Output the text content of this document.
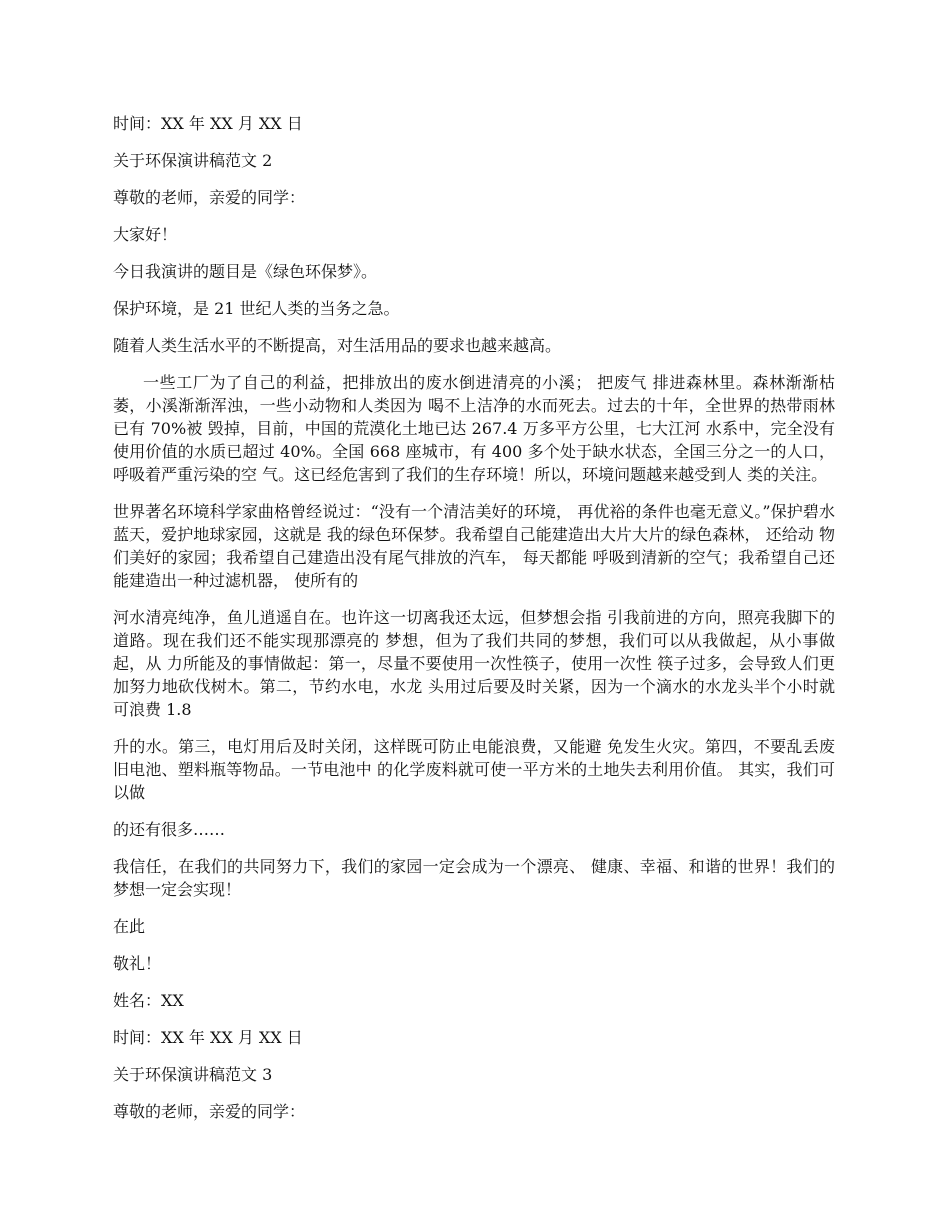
时间：XX 年 XX 月 XX 日

关于环保演讲稿范文 2

尊敬的老师，亲爱的同学：

大家好！

今日我演讲的题目是《绿色环保梦》。

保护环境，是 21 世纪人类的当务之急。

随着人类生活水平的不断提高，对生活用品的要求也越来越高。

一些工厂为了自己的利益，把排放出的废水倒进清亮的小溪； 把废气 排进森林里。森林渐渐枯萎，小溪渐渐浑浊，一些小动物和人类因为 喝不上洁净的水而死去。过去的十年，全世界的热带雨林已有 70%被 毁掉，目前，中国的荒漠化土地已达 267.4 万多平方公里，七大江河 水系中，完全没有使用价值的水质已超过 40%。全国 668 座城市，有 400 多个处于缺水状态，全国三分之一的人口，呼吸着严重污染的空 气。这已经危害到了我们的生存环境！所以，环境问题越来越受到人 类的关注。

世界著名环境科学家曲格曾经说过：“没有一个清洁美好的环境， 再优裕的条件也毫无意义。”保护碧水蓝天，爱护地球家园，这就是 我的绿色环保梦。我希望自己能建造出大片大片的绿色森林， 还给动 物们美好的家园；我希望自己建造出没有尾气排放的汽车， 每天都能 呼吸到清新的空气；我希望自己还能建造出一种过滤机器， 使所有的

河水清亮纯净，鱼儿逍遥自在。也许这一切离我还太远，但梦想会指 引我前进的方向，照亮我脚下的道路。现在我们还不能实现那漂亮的 梦想，但为了我们共同的梦想，我们可以从我做起，从小事做起，从 力所能及的事情做起：第一，尽量不要使用一次性筷子，使用一次性 筷子过多，会导致人们更加努力地砍伐树木。第二，节约水电，水龙 头用过后要及时关紧，因为一个滴水的水龙头半个小时就可浪费 1.8

升的水。第三，电灯用后及时关闭，这样既可防止电能浪费，又能避 免发生火灾。第四，不要乱丢废旧电池、塑料瓶等物品。一节电池中 的化学废料就可使一平方米的土地失去利用价值。 其实，我们可以做

的还有很多……

我信任，在我们的共同努力下，我们的家园一定会成为一个漂亮、 健康、幸福、和谐的世界！我们的梦想一定会实现！

在此

敬礼！

姓名：XX

时间：XX 年 XX 月 XX 日

关于环保演讲稿范文 3

尊敬的老师，亲爱的同学：
